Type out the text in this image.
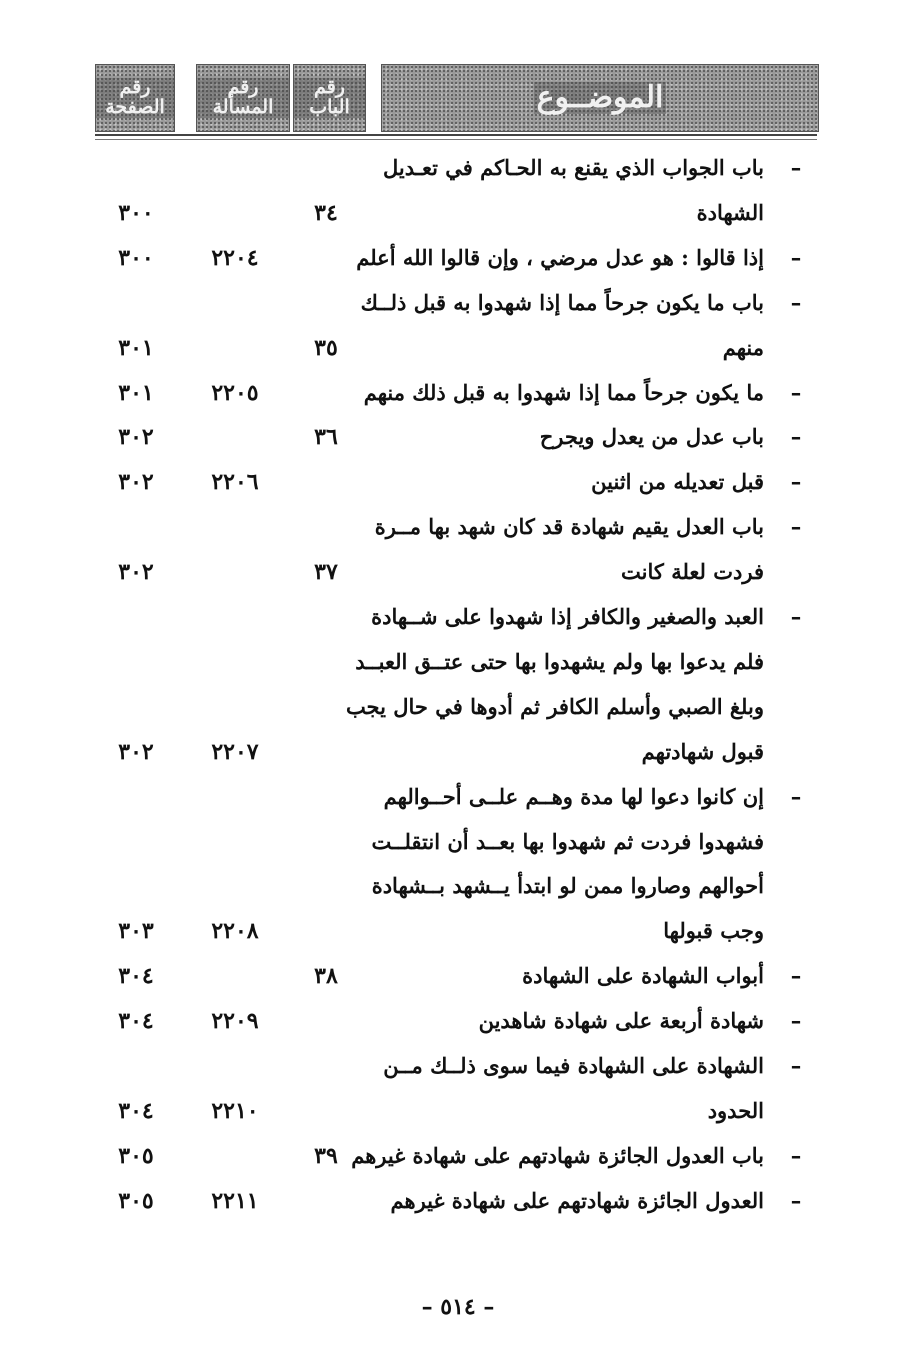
الموضــوع
رقم الباب
رقم المسألة
رقم الصفحة
–
باب الجواب الذي يقنع به الحـاكم في تعـديل
الشهادة
٣٤
٣٠٠
–
إذا قالوا : هو عدل مرضي ، وإن قالوا الله أعلم
٢٢٠٤
٣٠٠
–
باب ما يكون جرحاً مما إذا شهدوا به قبل ذلــك
منهم
٣٥
٣٠١
–
ما يكون جرحاً مما إذا شهدوا به قبل ذلك منهم
٢٢٠٥
٣٠١
–
باب عدل من يعدل ويجرح
٣٦
٣٠٢
–
قبل تعديله من اثنين
٢٢٠٦
٣٠٢
–
باب العدل يقيم شهادة قد كان شهد بها مــرة
فردت لعلة كانت
٣٧
٣٠٢
–
العبد والصغير والكافر إذا شهدوا على شــهادة
فلم يدعوا بها ولم يشهدوا بها حتى عتــق العبــد
وبلغ الصبي وأسلم الكافر ثم أدوها في حال يجب
قبول شهادتهم
٢٢٠٧
٣٠٢
–
إن كانوا دعوا لها مدة وهــم علــى أحــوالهم
فشهدوا فردت ثم شهدوا بها بعــد أن انتقلــت
أحوالهم وصاروا ممن لو ابتدأ يــشهد بــشهادة
وجب قبولها
٢٢٠٨
٣٠٣
–
أبواب الشهادة على الشهادة
٣٨
٣٠٤
–
شهادة أربعة على شهادة شاهدين
٢٢٠٩
٣٠٤
–
الشهادة على الشهادة فيما سوى ذلــك مــن
الحدود
٢٢١٠
٣٠٤
–
باب العدول الجائزة شهادتهم على شهادة غيرهم
٣٩
٣٠٥
–
العدول الجائزة شهادتهم على شهادة غيرهم
٢٢١١
٣٠٥
– ٥١٤ –
